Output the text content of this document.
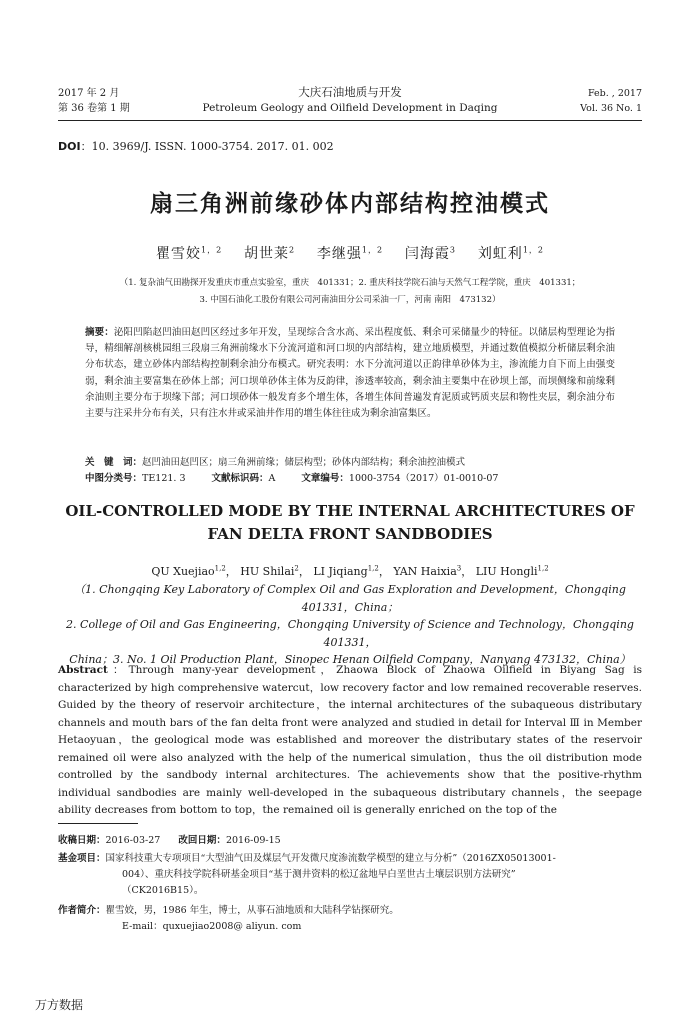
2017 年 2 月
第 36 卷第 1 期
大庆石油地质与开发
Petroleum Geology and Oilfield Development in Daqing
Feb. , 2017
Vol. 36 No. 1
DOI：10. 3969/J. ISSN. 1000-3754. 2017. 01. 002
扇三角洲前缘砂体内部结构控油模式
瞿雪姣$^{1,2}$ 胡世莱$^2$ 李继强$^{1,2}$ 闫海霞$^3$ 刘虹利$^{1,2}$
（1. 复杂油气田勘探开发重庆市重点实验室，重庆　401331；2. 重庆科技学院石油与天然气工程学院，重庆　401331；
3. 中国石油化工股份有限公司河南油田分公司采油一厂，河南 南阳　473132）
摘要：泌阳凹陷赵凹油田赵凹区经过多年开发，呈现综合含水高、采出程度低、剩余可采储量少的特征。以储层构型理论为指导，精细解剖核桃园组三段扇三角洲前缘水下分流河道和河口坝的内部结构，建立地质模型，并通过数值模拟分析储层剩余油分布状态，建立砂体内部结构控制剩余油分布模式。研究表明：水下分流河道以正韵律单砂体为主，渗流能力自下而上由强变弱，剩余油主要富集在砂体上部；河口坝单砂体主体为反韵律，渗透率较高，剩余油主要集中在砂坝上部，而坝侧缘和前缘剩余油则主要分布于坝缘下部；河口坝砂体一般发育多个增生体，各增生体间普遍发育泥质或钙质夹层和物性夹层，剩余油分布主要与注采井分布有关，只有注水井或采油井作用的增生体往往成为剩余油富集区。
关　键　词：赵凹油田赵凹区；扇三角洲前缘；储层构型；砂体内部结构；剩余油控油模式
中图分类号：TE121. 3	文献标识码：A	文章编号：1000-3754（2017）01-0010-07
OIL-CONTROLLED MODE BY THE INTERNAL ARCHITECTURES OF FAN DELTA FRONT SANDBODIES
QU Xuejiao$^{1,2}$， HU Shilai$^2$， LI Jiqiang$^{1,2}$， YAN Haixia$^3$， LIU Hongli$^{1,2}$
（1. Chongqing Key Laboratory of Complex Oil and Gas Exploration and Development，Chongqing 401331，China；
2. College of Oil and Gas Engineering，Chongqing University of Science and Technology，Chongqing 401331，
China；3. No. 1 Oil Production Plant，Sinopec Henan Oilfield Company，Nanyang 473132，China）
Abstract：Through many-year development，Zhaowa Block of Zhaowa Oilfield in Biyang Sag is characterized by high comprehensive watercut，low recovery factor and low remained recoverable reserves. Guided by the theory of reservoir architecture，the internal architectures of the subaqueous distributary channels and mouth bars of the fan delta front were analyzed and studied in detail for Interval Ⅲ in Member Hetaoyuan，the geological mode was established and moreover the distributary states of the reservoir remained oil were also analyzed with the help of the numerical simulation，thus the oil distribution mode controlled by the sandbody internal architectures. The achievements show that the positive-rhythm individual sandbodies are mainly well-developed in the subaqueous distributary channels，the seepage ability decreases from bottom to top，the remained oil is generally enriched on the top of the
收稿日期：2016-03-27 改回日期：2016-09-15
基金项目：国家科技重大专项项目“大型油气田及煤层气开发微尺度渗流数学模型的建立与分析”（2016ZX05013001-
004）、重庆科技学院科研基金项目“基于测井资料的松辽盆地早白垩世古土壤层识别方法研究”
（CK2016B15）。
作者简介：瞿雪姣，男，1986 年生，博士，从事石油地质和大陆科学钻探研究。
E-mail：quxuejiao2008@ aliyun. com
万方数据
